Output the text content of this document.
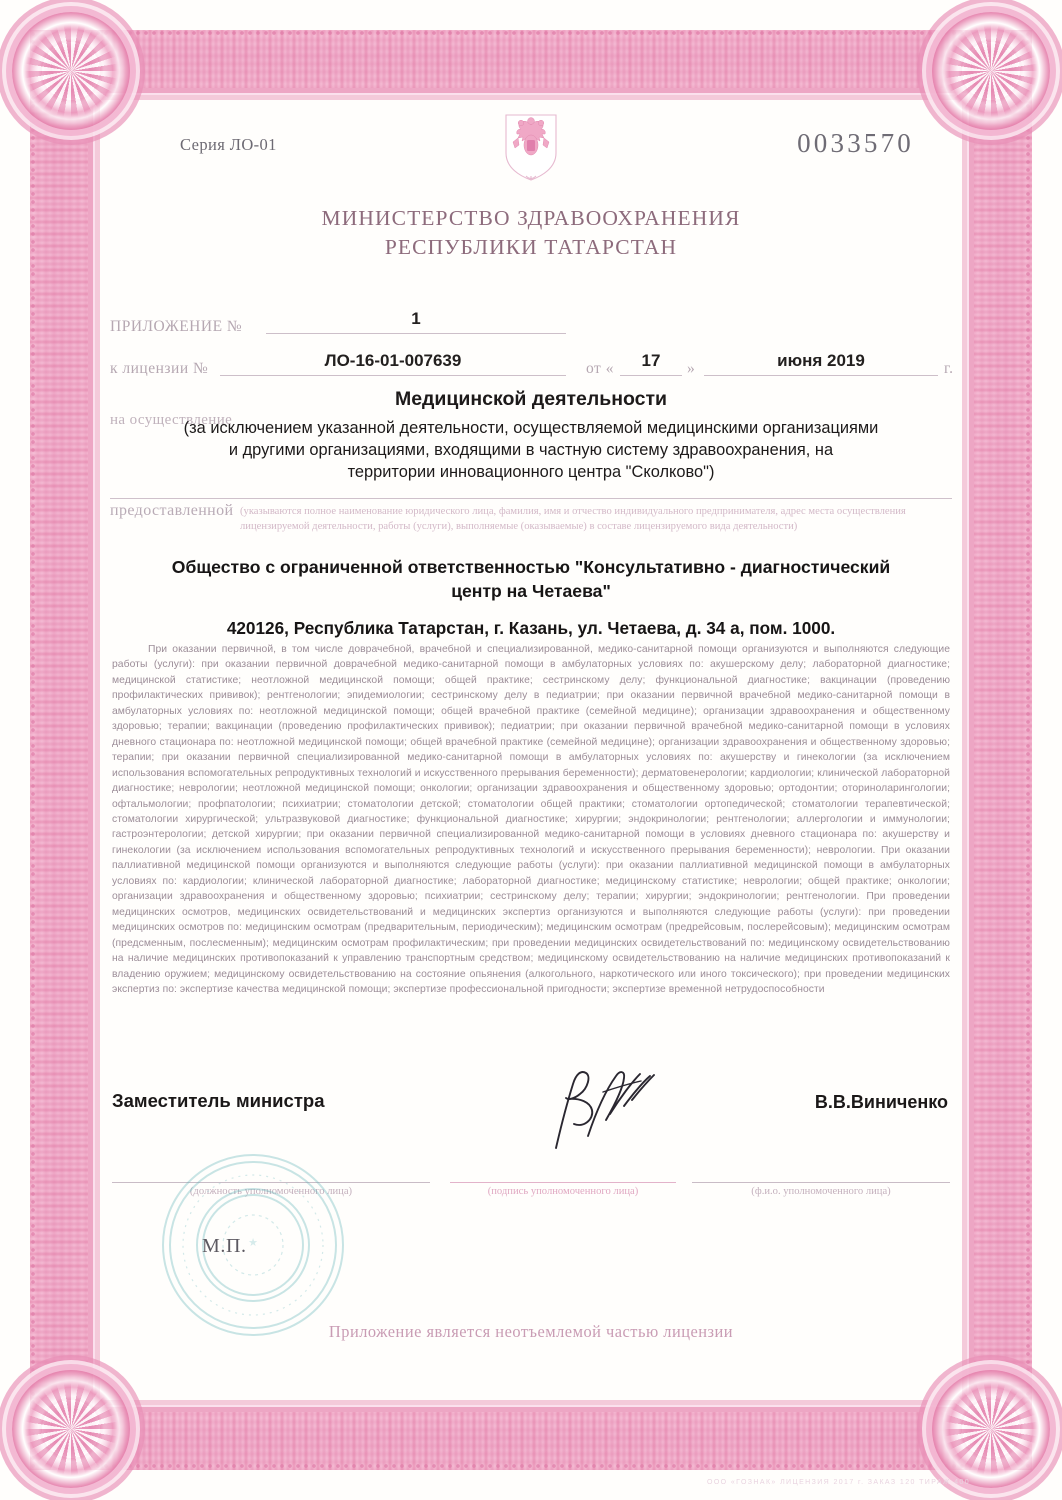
Серия ЛО-01	0033570
МИНИСТЕРСТВО ЗДРАВООХРАНЕНИЯ
РЕСПУБЛИКИ ТАТАРСТАН
ПРИЛОЖЕНИЕ №	1
к лицензии №	ЛО-16-01-007639	от «	17	»	июня 2019	г.
Медицинской деятельности
на осуществление
(за исключением указанной деятельности, осуществляемой медицинскими организациями
и другими организациями, входящими в частную систему здравоохранения, на
территории инновационного центра "Сколково")
предоставленной (указываются полное наименование юридического лица, фамилия, имя и отчество индивидуального предпринимателя, адрес места осуществления лицензируемой деятельности, работы (услуги), выполняемые (оказываемые) в составе лицензируемого вида деятельности)
Общество с ограниченной ответственностью "Консультативно - диагностический
центр на Четаева"
420126, Республика Татарстан, г. Казань, ул. Четаева, д. 34 а, пом. 1000.
При оказании первичной, в том числе доврачебной, врачебной и специализированной, медико-санитарной помощи организуются и выполняются следующие работы (услуги): при оказании первичной доврачебной медико-санитарной помощи в амбулаторных условиях по: акушерскому делу; лабораторной диагностике; медицинской статистике; неотложной медицинской помощи; общей практике; сестринскому делу; функциональной диагностике; вакцинации (проведению профилактических прививок); рентгенологии; эпидемиологии; сестринскому делу в педиатрии; при оказании первичной врачебной медико-санитарной помощи в амбулаторных условиях по: неотложной медицинской помощи; общей врачебной практике (семейной медицине); организации здравоохранения и общественному здоровью; терапии; вакцинации (проведению профилактических прививок); педиатрии; при оказании первичной врачебной медико-санитарной помощи в условиях дневного стационара по: неотложной медицинской помощи; общей врачебной практике (семейной медицине); организации здравоохранения и общественному здоровью; терапии; при оказании первичной специализированной медико-санитарной помощи в амбулаторных условиях по: акушерству и гинекологии (за исключением использования вспомогательных репродуктивных технологий и искусственного прерывания беременности); дерматовенерологии; кардиологии; клинической лабораторной диагностике; неврологии; неотложной медицинской помощи; онкологии; организации здравоохранения и общественному здоровью; ортодонтии; оториноларингологии; офтальмологии; профпатологии; психиатрии; стоматологии детской; стоматологии общей практики; стоматологии ортопедической; стоматологии терапевтической; стоматологии хирургической; ультразвуковой диагностике; функциональной диагностике; хирургии; эндокринологии; рентгенологии; аллергологии и иммунологии; гастроэнтерологии; детской хирургии; при оказании первичной специализированной медико-санитарной помощи в условиях дневного стационара по: акушерству и гинекологии (за исключением использования вспомогательных репродуктивных технологий и искусственного прерывания беременности); неврологии. При оказании паллиативной медицинской помощи организуются и выполняются следующие работы (услуги): при оказании паллиативной медицинской помощи в амбулаторных условиях по: кардиологии; клинической лабораторной диагностике; лабораторной диагностике; медицинскому статистике; неврологии; общей практике; онкологии; организации здравоохранения и общественному здоровью; психиатрии; сестринскому делу; терапии; хирургии; эндокринологии; рентгенологии. При проведении медицинских осмотров, медицинских освидетельствований и медицинских экспертиз организуются и выполняются следующие работы (услуги): при проведении медицинских осмотров по: медицинским осмотрам (предварительным, периодическим); медицинским осмотрам (предрейсовым, послерейсовым); медицинским осмотрам (предсменным, послесменным); медицинским осмотрам профилактическим; при проведении медицинских освидетельствований по: медицинскому освидетельствованию на наличие медицинских противопоказаний к управлению транспортным средством; медицинскому освидетельствованию на наличие медицинских противопоказаний к владению оружием; медицинскому освидетельствованию на состояние опьянения (алкогольного, наркотического или иного токсического); при проведении медицинских экспертиз по: экспертизе качества медицинской помощи; экспертизе профессиональной пригодности; экспертизе временной нетрудоспособности
Заместитель министра	В.В.Виниченко
(должность уполномоченного лица)	(подпись уполномоченного лица)	(ф.и.о. уполномоченного лица)
★
М.П.
Приложение является неотъемлемой частью лицензии
ООО «ГОЗНАК» ЛИЦЕНЗИЯ 2017 г. ЗАКАЗ 120 ТИРАЖ 400
